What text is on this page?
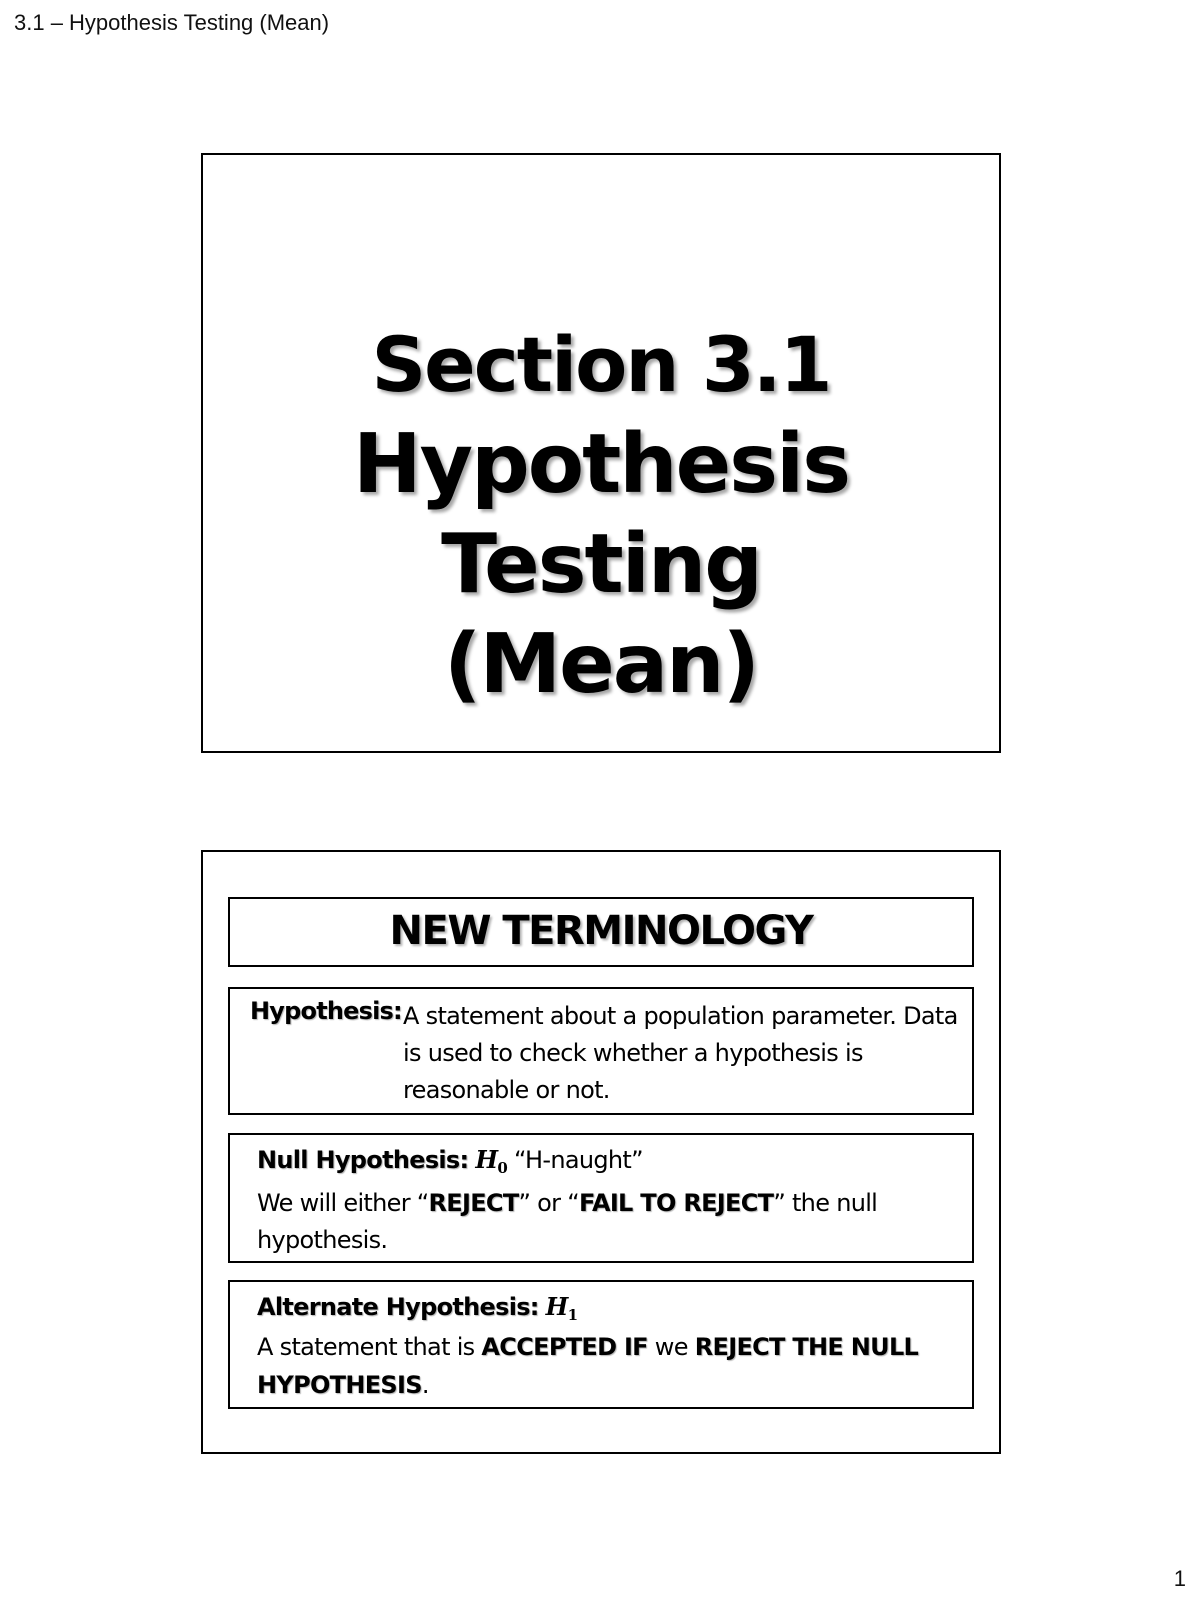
3.1 – Hypothesis Testing (Mean)
Section 3.1
Hypothesis Testing
(Mean)
NEW TERMINOLOGY
Hypothesis: A statement about a population parameter. Data is used to check whether a hypothesis is reasonable or not.
Null Hypothesis: $H_0$ “H-naught”
We will either “REJECT” or “FAIL TO REJECT” the null hypothesis.
Alternate Hypothesis: $H_1$
A statement that is ACCEPTED IF we REJECT THE NULL HYPOTHESIS.
1
